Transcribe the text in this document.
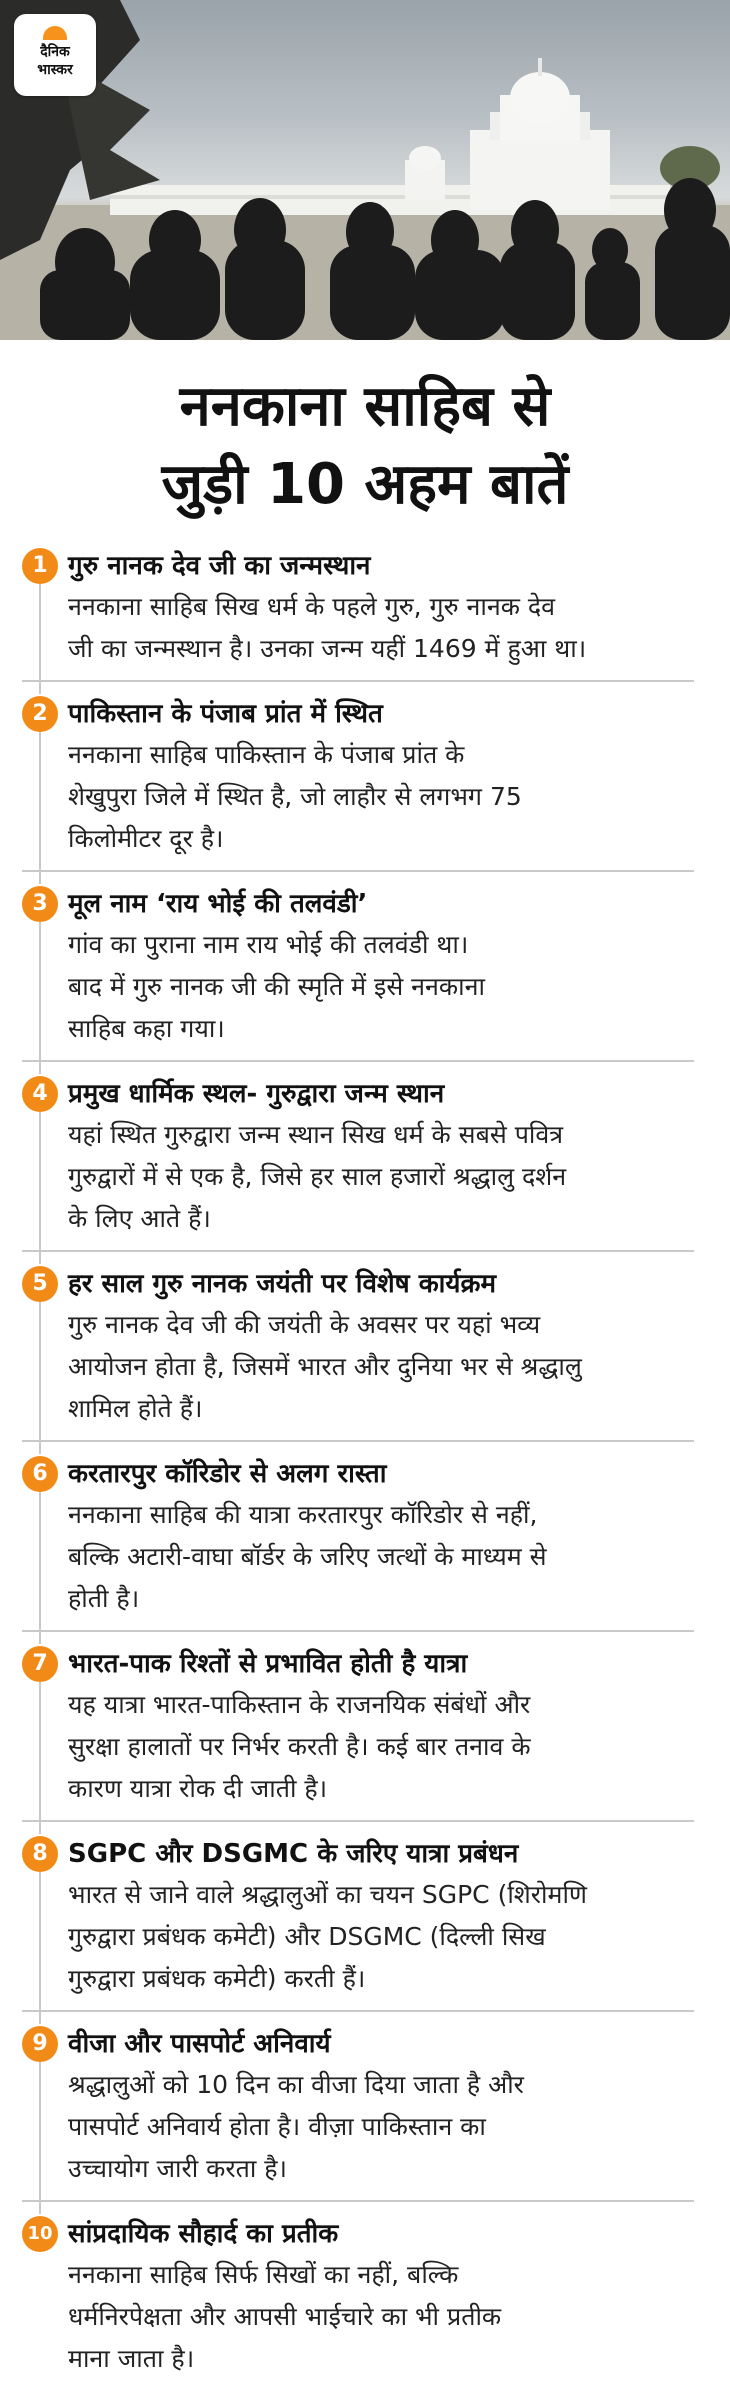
दैनिक
भास्कर
ननकाना साहिब से
जुड़ी 10 अहम बातें
1 गुरु नानक देव जी का जन्मस्थान
ननकाना साहिब सिख धर्म के पहले गुरु, गुरु नानक देव
जी का जन्मस्थान है। उनका जन्म यहीं 1469 में हुआ था।
2 पाकिस्तान के पंजाब प्रांत में स्थित
ननकाना साहिब पाकिस्तान के पंजाब प्रांत के
शेखुपुरा जिले में स्थित है, जो लाहौर से लगभग 75
किलोमीटर दूर है।
3 मूल नाम ‘राय भोई की तलवंडी’
गांव का पुराना नाम राय भोई की तलवंडी था।
बाद में गुरु नानक जी की स्मृति में इसे ननकाना
साहिब कहा गया।
4 प्रमुख धार्मिक स्थल- गुरुद्वारा जन्म स्थान
यहां स्थित गुरुद्वारा जन्म स्थान सिख धर्म के सबसे पवित्र
गुरुद्वारों में से एक है, जिसे हर साल हजारों श्रद्धालु दर्शन
के लिए आते हैं।
5 हर साल गुरु नानक जयंती पर विशेष कार्यक्रम
गुरु नानक देव जी की जयंती के अवसर पर यहां भव्य
आयोजन होता है, जिसमें भारत और दुनिया भर से श्रद्धालु
शामिल होते हैं।
6 करतारपुर कॉरिडोर से अलग रास्ता
ननकाना साहिब की यात्रा करतारपुर कॉरिडोर से नहीं,
बल्कि अटारी-वाघा बॉर्डर के जरिए जत्थों के माध्यम से
होती है।
7 भारत-पाक रिश्तों से प्रभावित होती है यात्रा
यह यात्रा भारत-पाकिस्तान के राजनयिक संबंधों और
सुरक्षा हालातों पर निर्भर करती है। कई बार तनाव के
कारण यात्रा रोक दी जाती है।
8 SGPC और DSGMC के जरिए यात्रा प्रबंधन
भारत से जाने वाले श्रद्धालुओं का चयन SGPC (शिरोमणि
गुरुद्वारा प्रबंधक कमेटी) और DSGMC (दिल्ली सिख
गुरुद्वारा प्रबंधक कमेटी) करती हैं।
9 वीजा और पासपोर्ट अनिवार्य
श्रद्धालुओं को 10 दिन का वीजा दिया जाता है और
पासपोर्ट अनिवार्य होता है। वीज़ा पाकिस्तान का
उच्चायोग जारी करता है।
10 सांप्रदायिक सौहार्द का प्रतीक
ननकाना साहिब सिर्फ सिखों का नहीं, बल्कि
धर्मनिरपेक्षता और आपसी भाईचारे का भी प्रतीक
माना जाता है।
